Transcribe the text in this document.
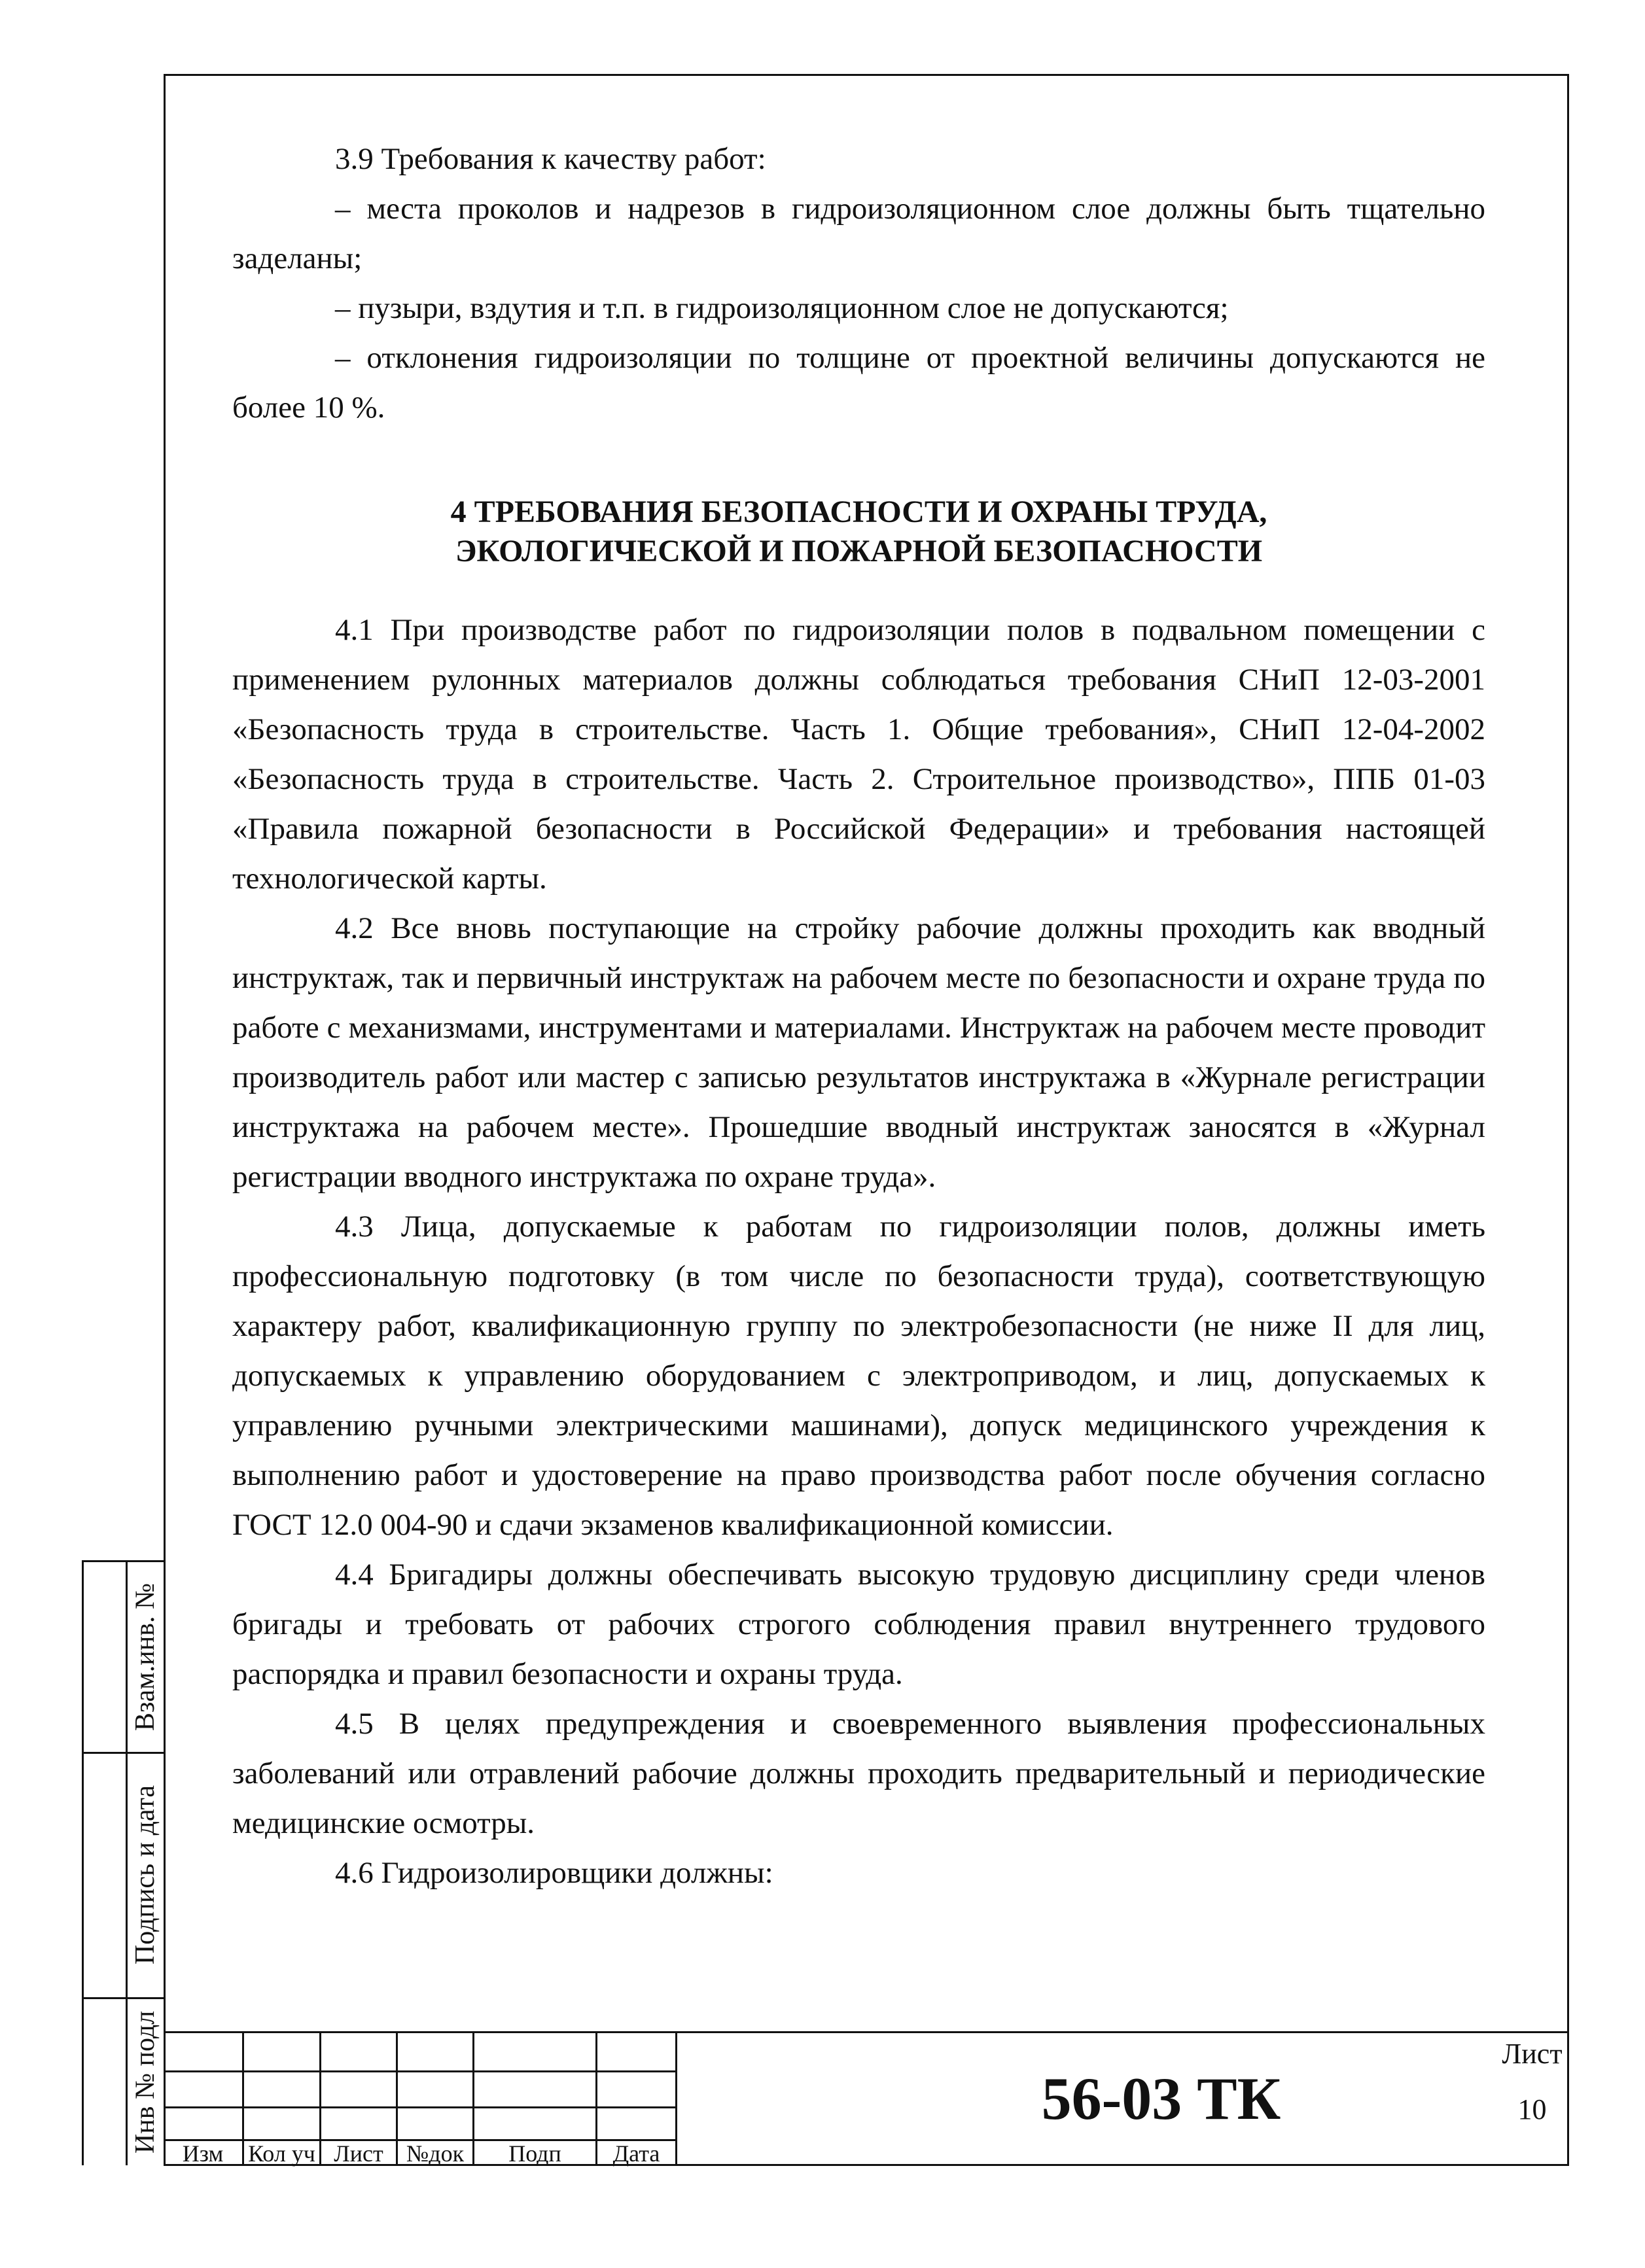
3.9 Требования к качеству работ:

– места проколов и надрезов в гидроизоляционном слое должны быть тщательно заделаны;

– пузыри, вздутия и т.п. в гидроизоляционном слое не допускаются;

– отклонения гидроизоляции по толщине от проектной величины допускаются не более 10 %.

4 ТРЕБОВАНИЯ БЕЗОПАСНОСТИ И ОХРАНЫ ТРУДА,
ЭКОЛОГИЧЕСКОЙ И ПОЖАРНОЙ БЕЗОПАСНОСТИ

4.1 При производстве работ по гидроизоляции полов в подвальном помещении с применением рулонных материалов должны соблюдаться требования СНиП 12-03-2001 «Безопасность труда в строительстве. Часть 1. Общие требования», СНиП 12-04-2002 «Безопасность труда в строительстве. Часть 2. Строительное производство», ППБ 01-03 «Правила пожарной безопасности в Российской Федерации» и требования настоящей технологической карты.

4.2 Все вновь поступающие на стройку рабочие должны проходить как вводный инструктаж, так и первичный инструктаж на рабочем месте по безопасности и охране труда по работе с механизмами, инструментами и материалами. Инструктаж на рабочем месте проводит производитель работ или мастер с записью результатов инструктажа в «Журнале регистрации инструктажа на рабочем месте». Прошедшие вводный инструктаж заносятся в «Журнал регистрации вводного инструктажа по охране труда».

4.3 Лица, допускаемые к работам по гидроизоляции полов, должны иметь профессиональную подготовку (в том числе по безопасности труда), соответствующую характеру работ, квалификационную группу по электробезопасности (не ниже II для лиц, допускаемых к управлению оборудованием с электроприводом, и лиц, допускаемых к управлению ручными электрическими машинами), допуск медицинского учреждения к выполнению работ и удостоверение на право производства работ после обучения согласно ГОСТ 12.0 004-90 и сдачи экзаменов квалификационной комиссии.

4.4 Бригадиры должны обеспечивать высокую трудовую дисциплину среди членов бригады и требовать от рабочих строгого соблюдения правил внутреннего трудового распорядка и правил безопасности и охраны труда.

4.5 В целях предупреждения и своевременного выявления профессиональных заболеваний или отравлений рабочие должны проходить предварительный и периодические медицинские осмотры.

4.6 Гидроизолировщики должны:

Взам.инв. №
Подпись и дата
Инв № подл Изм	Кол уч Лист №док	Подп	Дата
56-03 ТК
Лист
10
